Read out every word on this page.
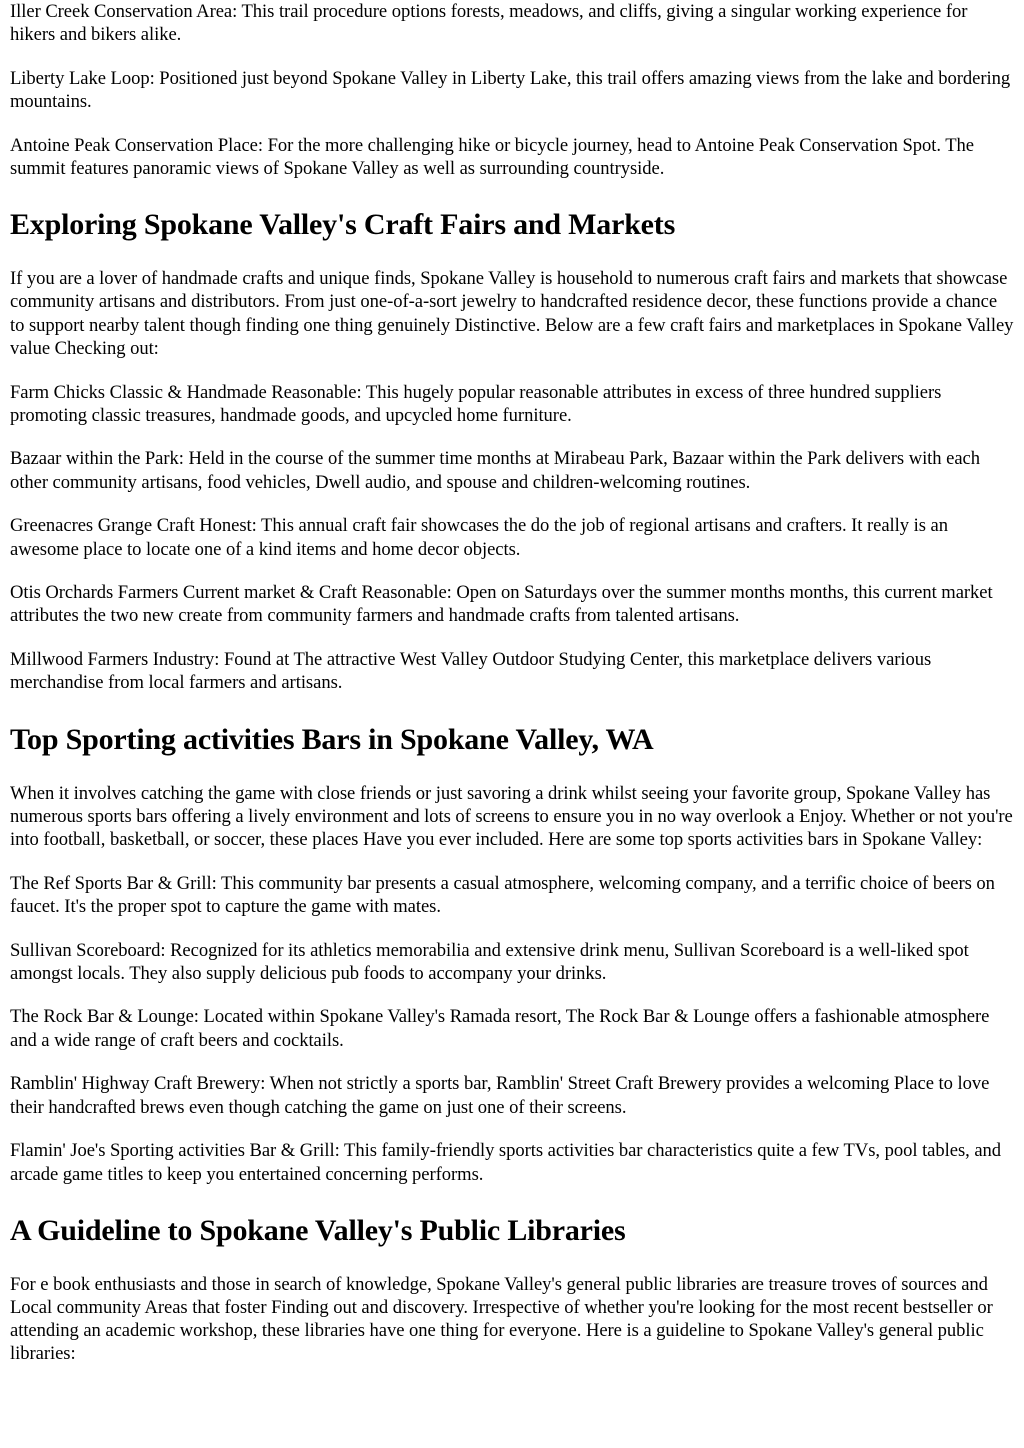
Iller Creek Conservation Area: This trail procedure options forests, meadows, and cliffs, giving a singular working experience for hikers and bikers alike.

Liberty Lake Loop: Positioned just beyond Spokane Valley in Liberty Lake, this trail offers amazing views from the lake and bordering mountains.

Antoine Peak Conservation Place: For the more challenging hike or bicycle journey, head to Antoine Peak Conservation Spot. The summit features panoramic views of Spokane Valley as well as surrounding countryside.

Exploring Spokane Valley's Craft Fairs and Markets

If you are a lover of handmade crafts and unique finds, Spokane Valley is household to numerous craft fairs and markets that showcase community artisans and distributors. From just one-of-a-sort jewelry to handcrafted residence decor, these functions provide a chance to support nearby talent though finding one thing genuinely Distinctive. Below are a few craft fairs and marketplaces in Spokane Valley value Checking out:

Farm Chicks Classic & Handmade Reasonable: This hugely popular reasonable attributes in excess of three hundred suppliers promoting classic treasures, handmade goods, and upcycled home furniture.

Bazaar within the Park: Held in the course of the summer time months at Mirabeau Park, Bazaar within the Park delivers with each other community artisans, food vehicles, Dwell audio, and spouse and children-welcoming routines.

Greenacres Grange Craft Honest: This annual craft fair showcases the do the job of regional artisans and crafters. It really is an awesome place to locate one of a kind items and home decor objects.

Otis Orchards Farmers Current market & Craft Reasonable: Open on Saturdays over the summer months months, this current market attributes the two new create from community farmers and handmade crafts from talented artisans.

Millwood Farmers Industry: Found at The attractive West Valley Outdoor Studying Center, this marketplace delivers various merchandise from local farmers and artisans.

Top Sporting activities Bars in Spokane Valley, WA

When it involves catching the game with close friends or just savoring a drink whilst seeing your favorite group, Spokane Valley has numerous sports bars offering a lively environment and lots of screens to ensure you in no way overlook a Enjoy. Whether or not you're into football, basketball, or soccer, these places Have you ever included. Here are some top sports activities bars in Spokane Valley:

The Ref Sports Bar & Grill: This community bar presents a casual atmosphere, welcoming company, and a terrific choice of beers on faucet. It's the proper spot to capture the game with mates.

Sullivan Scoreboard: Recognized for its athletics memorabilia and extensive drink menu, Sullivan Scoreboard is a well-liked spot amongst locals. They also supply delicious pub foods to accompany your drinks.

The Rock Bar & Lounge: Located within Spokane Valley's Ramada resort, The Rock Bar & Lounge offers a fashionable atmosphere and a wide range of craft beers and cocktails.

Ramblin' Highway Craft Brewery: When not strictly a sports bar, Ramblin' Street Craft Brewery provides a welcoming Place to love their handcrafted brews even though catching the game on just one of their screens.

Flamin' Joe's Sporting activities Bar & Grill: This family-friendly sports activities bar characteristics quite a few TVs, pool tables, and arcade game titles to keep you entertained concerning performs.

A Guideline to Spokane Valley's Public Libraries

For e book enthusiasts and those in search of knowledge, Spokane Valley's general public libraries are treasure troves of sources and Local community Areas that foster Finding out and discovery. Irrespective of whether you're looking for the most recent bestseller or attending an academic workshop, these libraries have one thing for everyone. Here is a guideline to Spokane Valley's general public libraries:
